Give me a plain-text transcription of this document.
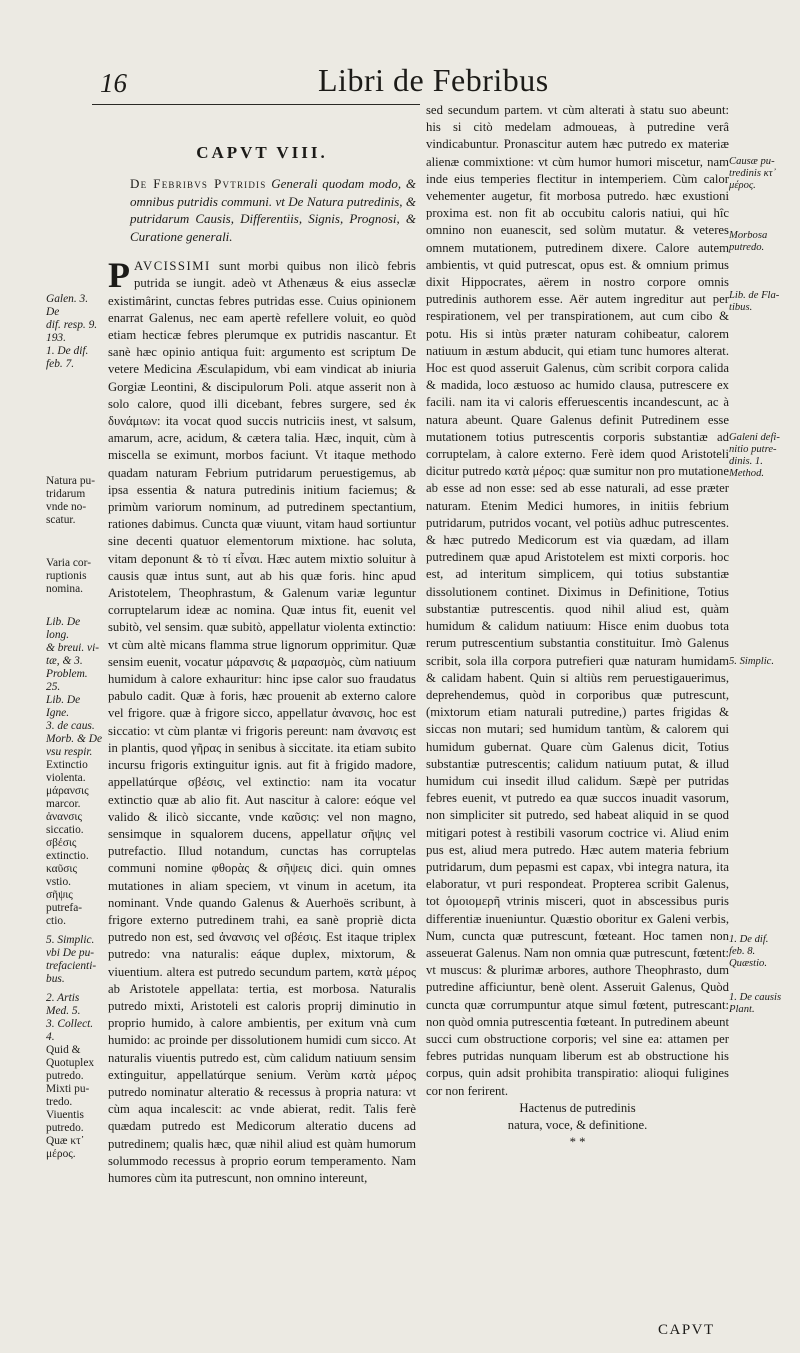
16	Libri de Febribus

Galen. 3. De
dif. resp. 9.
193.
1. De dif.
feb. 7.

Natura pu-
tridarum
vnde no-
scatur.

Varia cor-
ruptionis
nomina.

Lib. De long.
& breui. vi-
tæ, & 3.
Problem. 25.
Lib. De Igne.
3. de caus.
Morb. & De
vsu respir.

Extinctio
violenta.
μάρανσις
marcor.
ἀνανσις
siccatio.
σβέσις
extinctio.
καῦσις
vstio.
σῆψις
putrefa-
ctio.

5. Simplic.
vbi De pu-
trefacienti-
bus.

2. Artis
Med. 5.
3. Collect. 4.

Quid &
Quotuplex
putredo.
Mixti pu-
tredo.
Viuentis
putredo.
Quæ κτ᾽
μέρος.

Causæ pu-
tredinis κτ᾽
μέρος.

Morbosa
putredo.

Lib. de Fla-
tibus.

Galeni defi-
nitio putre-
dinis. 1.
Method.

5. Simplic.

1. De dif.
feb. 8.
Quæstio.

1. De causis
Plant.

CAPVT VIII.

De Febribvs Pvtridis Generali quodam modo, & omnibus putridis communi. vt De Natura putredinis, & putridarum Causis, Differentiis, Signis, Prognosi, & Curatione generali.

P AVCISSIMI sunt morbi quibus non ilicò febris putrida se iungit. adeò vt Athenæus & eius asseclæ existimârint, cunctas febres putridas esse. Cuius opinionem enarrat Galenus, nec eam apertè refellere voluit, eo quòd etiam hecticæ febres plerumque ex putridis nascantur. Et sanè hæc opinio antiqua fuit: argumento est scriptum De vetere Medicina Æsculapidum, vbi eam vindicat ab iniuria Gorgiæ Leontini, & discipulorum Poli. atque asserit non à solo calore, quod illi dicebant, febres surgere, sed ἐκ δυνάμιων: ita vocat quod succis nutriciis inest, vt salsum, amarum, acre, acidum, & cætera talia. Hæc, inquit, cùm à miscella se eximunt, morbos faciunt. Vt itaque methodo quadam naturam Febrium putridarum peruestigemus, ab ipsa essentia & natura putredinis initium faciemus; & primùm variorum nominum, ad putredinem spectantium, rationes dabimus. Cuncta quæ viuunt, vitam haud sortiuntur sine decenti quatuor elementorum mixtione. hac soluta, vitam deponunt & τὸ τί εἶναι. Hæc autem mixtio soluitur à causis quæ intus sunt, aut ab his quæ foris. hinc apud Aristotelem, Theophrastum, & Galenum variæ leguntur corruptelarum ideæ ac nomina. Quæ intus fit, euenit vel subitò, vel sensim. quæ subitò, appellatur violenta extinctio: vt cùm altè micans flamma strue lignorum opprimitur. Quæ sensim euenit, vocatur μάρανσις & μαρασμὸς, cùm natiuum humidum à calore exhauritur: hinc ipse calor suo fraudatus pabulo cadit. Quæ à foris, hæc prouenit ab externo calore vel frigore. quæ à frigore sicco, appellatur ἀνανσις, hoc est siccatio: vt cùm plantæ vi frigoris pereunt: nam ἀνανσις est in plantis, quod γῆρας in senibus à siccitate. ita etiam subito incursu frigoris extinguitur ignis. aut fit à frigido madore, appellatúrque σβέσις, vel extinctio: nam ita vocatur extinctio quæ ab alio fit. Aut nascitur à calore: eóque vel valido & ilicò siccante, vnde καῦσις: vel non magno, sensimque in squalorem ducens, appellatur σῆψις vel putrefactio. Illud notandum, cunctas has corruptelas communi nomine φθορὰς & σῆψεις dici. quin omnes mutationes in aliam speciem, vt vinum in acetum, ita nominant. Vnde quando Galenus & Auerhoës scribunt, à frigore externo putredinem trahi, ea sanè propriè dicta putredo non est, sed ἀνανσις vel σβέσις. Est itaque triplex putredo: vna naturalis: eáque duplex, mixtorum, & viuentium. altera est putredo secundum partem, κατὰ μέρος ab Aristotele appellata: tertia, est morbosa. Naturalis putredo mixti, Aristoteli est caloris proprij diminutio in proprio humido, à calore ambientis, per exitum vnà cum humido: ac proinde per dissolutionem humidi cum sicco. At naturalis viuentis putredo est, cùm calidum natiuum sensim extinguitur, appellatúrque senium. Verùm κατὰ μέρος putredo nominatur alteratio & recessus à propria natura: vt cùm aqua incalescit: ac vnde abierat, redit. Talis ferè quædam putredo est Medicorum alteratio ducens ad putredinem; qualis hæc, quæ nihil aliud est quàm humorum solummodo recessus à proprio eorum temperamento. Nam humores cùm ita putrescunt, non omnino intereunt,

sed secundum partem. vt cùm alterati à statu suo abeunt: his si citò medelam admoueas, à putredine verâ vindicabuntur. Pronascitur autem hæc putredo ex materiæ alienæ commixtione: vt cùm humor humori miscetur, nam inde eius temperies flectitur in intemperiem. Cùm calor vehementer augetur, fit morbosa putredo. hæc exustioni proxima est. non fit ab occubitu caloris natiui, qui hîc omnino non euanescit, sed solùm mutatur. & veteres omnem mutationem, putredinem dixere. Calore autem ambientis, vt quid putrescat, opus est. & omnium primus dixit Hippocrates, aërem in nostro corpore omnis putredinis authorem esse. Aër autem ingreditur aut per respirationem, vel per transpirationem, aut cum cibo & potu. His si intùs præter naturam cohibeatur, calorem natiuum in æstum abducit, qui etiam tunc humores alterat. Hoc est quod asseruit Galenus, cùm scribit corpora calida & madida, loco æstuoso ac humido clausa, putrescere ex facili. nam ita vi caloris efferuescentis incandescunt, ac à natura abeunt. Quare Galenus definit Putredinem esse mutationem totius putrescentis corporis substantiæ ad corruptelam, à calore externo. Ferè idem quod Aristoteli dicitur putredo κατὰ μέρος: quæ sumitur non pro mutatione ab esse ad non esse: sed ab esse naturali, ad esse præter naturam. Etenim Medici humores, in initiis febrium putridarum, putridos vocant, vel potiùs adhuc putrescentes. & hæc putredo Medicorum est via quædam, ad illam putredinem quæ apud Aristotelem est mixti corporis. hoc est, ad interitum simplicem, qui totius substantiæ dissolutionem continet. Diximus in Definitione, Totius substantiæ putrescentis. quod nihil aliud est, quàm humidum & calidum natiuum: Hisce enim duobus tota rerum putrescentium substantia constituitur. Imò Galenus scribit, sola illa corpora putrefieri quæ naturam humidam & calidam habent. Quin si altiùs rem peruestigauerimus, deprehendemus, quòd in corporibus quæ putrescunt, (mixtorum etiam naturali putredine,) partes frigidas & siccas non mutari; sed humidum tantùm, & calorem qui humidum gubernat. Quare cùm Galenus dicit, Totius substantiæ putrescentis; calidum natiuum putat, & illud humidum cui insedit illud calidum. Sæpè per putridas febres euenit, vt putredo ea quæ succos inuadit vasorum, non simpliciter sit putredo, sed habeat aliquid in se quod mitigari potest à restibili vasorum coctrice vi. Aliud enim pus est, aliud mera putredo. Hæc autem materia febrium putridarum, dum pepasmi est capax, vbi integra natura, ita elaboratur, vt puri respondeat. Propterea scribit Galenus, tot ὁμοιομερῆ vtrinis misceri, quot in abscessibus puris differentiæ inueniuntur. Quæstio oboritur ex Galeni verbis, Num, cuncta quæ putrescunt, fœteant. Hoc tamen non asseuerat Galenus. Nam non omnia quæ putrescunt, fœtent: vt muscus: & plurimæ arbores, authore Theophrasto, dum putredine afficiuntur, benè olent. Asseruit Galenus, Quòd cuncta quæ corrumpuntur atque simul fœtent, putrescant: non quòd omnia putrescentia fœteant. In putredinem abeunt succi cum obstructione corporis; vel sine ea: attamen per febres putridas nunquam liberum est ab obstructione his corpus, quin adsit prohibita transpiratio: alioqui fuligines cor non ferirent.

Hactenus de putredinis

natura, voce, & definitione.

* *

CAPVT
